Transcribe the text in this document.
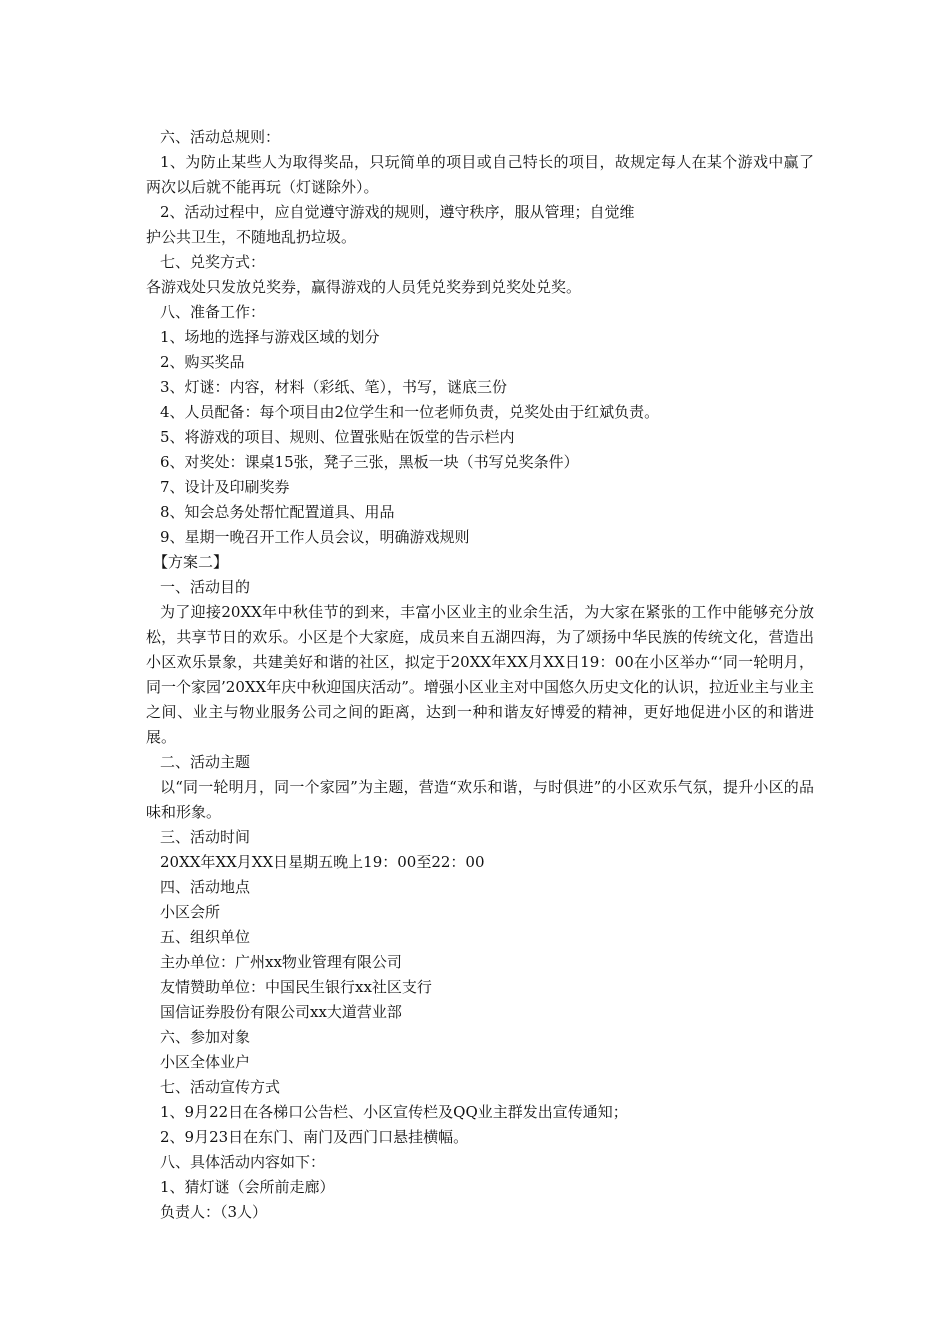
六、活动总规则：
1、为防止某些人为取得奖品，只玩简单的项目或自己特长的项目，故规定每人在某个游戏中赢了两次以后就不能再玩（灯谜除外）。
2、活动过程中，应自觉遵守游戏的规则，遵守秩序，服从管理；自觉维
护公共卫生，不随地乱扔垃圾。
七、兑奖方式：
各游戏处只发放兑奖券，赢得游戏的人员凭兑奖券到兑奖处兑奖。
八、准备工作：
1、场地的选择与游戏区域的划分
2、购买奖品
3、灯谜：内容，材料（彩纸、笔），书写，谜底三份
4、人员配备：每个项目由2位学生和一位老师负责，兑奖处由于红斌负责。
5、将游戏的项目、规则、位置张贴在饭堂的告示栏内
6、对奖处：课桌15张，凳子三张，黑板一块（书写兑奖条件）
7、设计及印刷奖券
8、知会总务处帮忙配置道具、用品
9、星期一晚召开工作人员会议，明确游戏规则
【方案二】
一、活动目的
为了迎接20XX年中秋佳节的到来，丰富小区业主的业余生活，为大家在紧张的工作中能够充分放松，共享节日的欢乐。小区是个大家庭，成员来自五湖四海，为了颂扬中华民族的传统文化，营造出小区欢乐景象，共建美好和谐的社区，拟定于20XX年XX月XX日19：00在小区举办“‘同一轮明月，同一个家园’20XX年庆中秋迎国庆活动”。增强小区业主对中国悠久历史文化的认识，拉近业主与业主之间、业主与物业服务公司之间的距离，达到一种和谐友好博爱的精神，更好地促进小区的和谐进展。
二、活动主题
以“同一轮明月，同一个家园”为主题，营造“欢乐和谐，与时俱进”的小区欢乐气氛，提升小区的品味和形象。
三、活动时间
20XX年XX月XX日星期五晚上19：00至22：00
四、活动地点
小区会所
五、组织单位
主办单位：广州xx物业管理有限公司
友情赞助单位：中国民生银行xx社区支行
国信证券股份有限公司xx大道营业部
六、参加对象
小区全体业户
七、活动宣传方式
1、9月22日在各梯口公告栏、小区宣传栏及QQ业主群发出宣传通知；
2、9月23日在东门、南门及西门口悬挂横幅。
八、具体活动内容如下：
1、猜灯谜（会所前走廊）
负责人：（3人）
